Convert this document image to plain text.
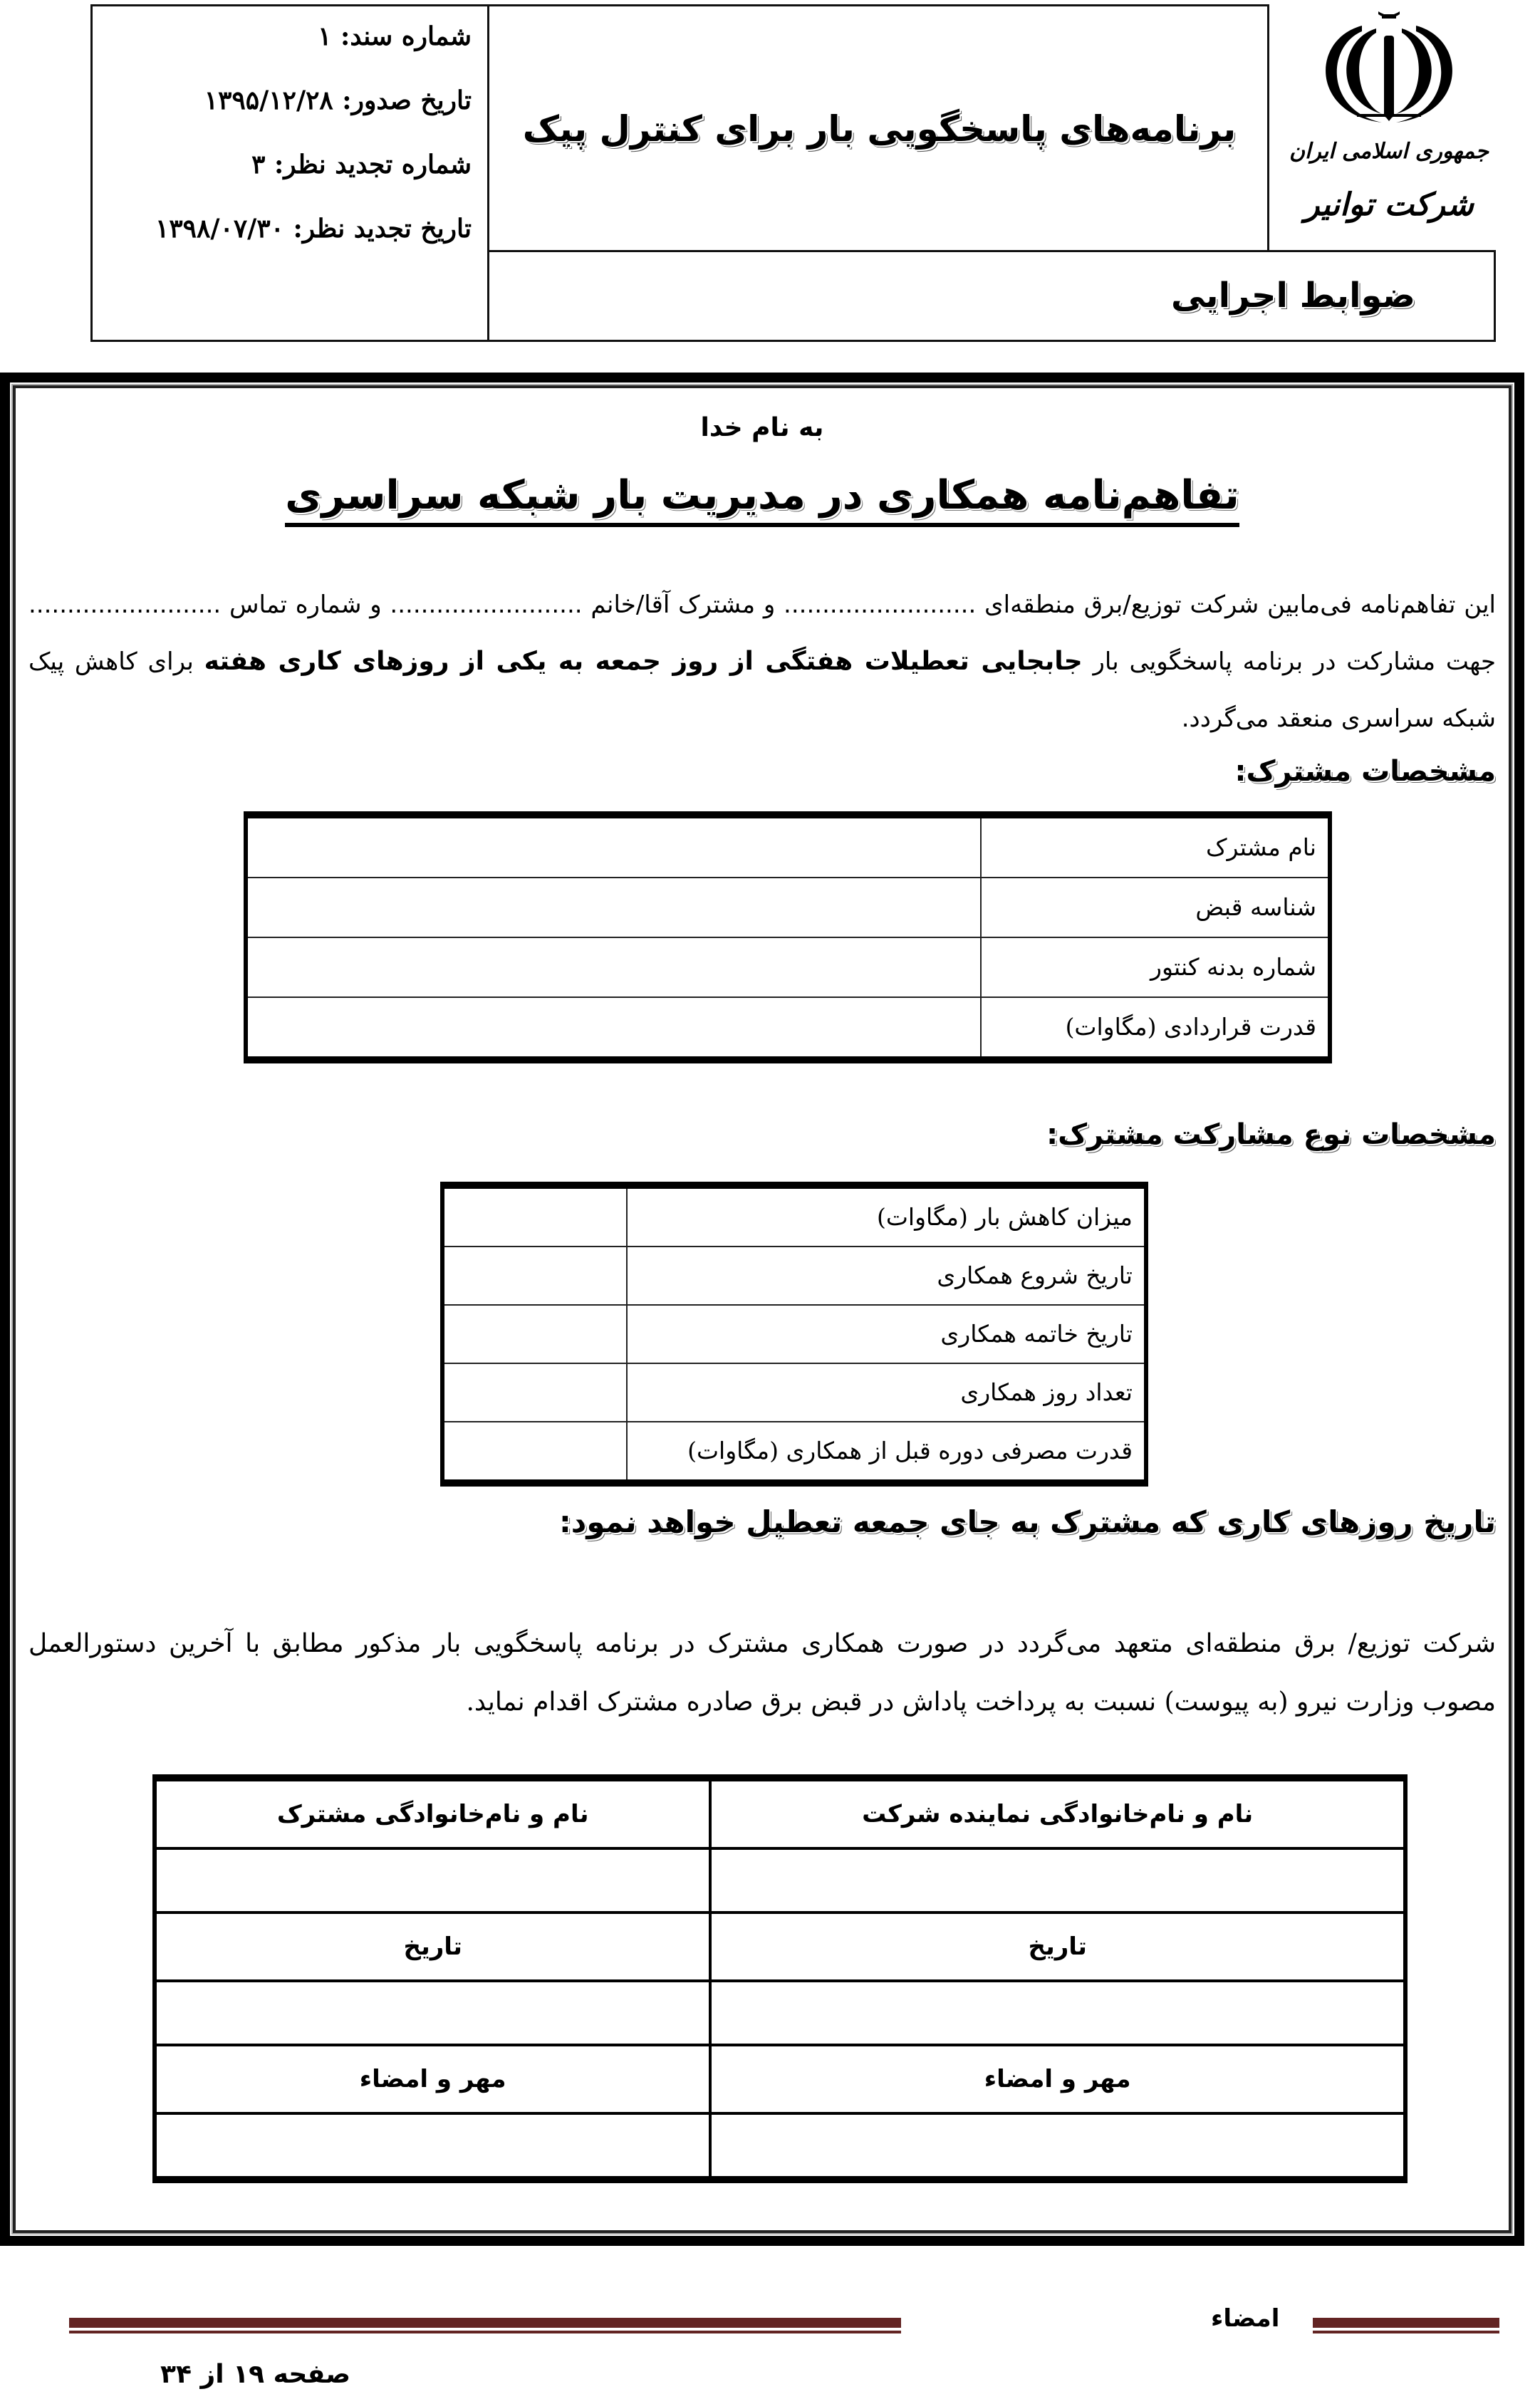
شماره سند: ۱
تاریخ صدور: ۱۳۹۵/۱۲/۲۸
شماره تجدید نظر: ۳
تاریخ تجدید نظر: ۱۳۹۸/۰۷/۳۰
برنامه‌های پاسخگویی بار برای کنترل پیک
ضوابط اجرایی
جمهوری اسلامی ایران
شرکت توانیر
به نام خدا
تفاهم‌نامه همکاری در مدیریت بار شبکه سراسری

این تفاهم‌نامه فی‌مابین شرکت توزیع/برق منطقه‌ای ......................... و مشترک آقا/خانم ......................... و شماره تماس ......................... جهت مشارکت در برنامه پاسخگویی بار جابجایی تعطیلات هفتگی از روز جمعه به یکی از روزهای کاری هفته برای کاهش پیک شبکه سراسری منعقد می‌گردد.

مشخصات مشترک:
نام مشترک	
شناسه قبض	
شماره بدنه کنتور	
قدرت قراردادی (مگاوات)	
مشخصات نوع مشارکت مشترک:
میزان کاهش بار (مگاوات)	
تاریخ شروع همکاری	
تاریخ خاتمه همکاری	
تعداد روز همکاری	
قدرت مصرفی دوره قبل از همکاری (مگاوات)	
تاریخ روزهای کاری که مشترک به جای جمعه تعطیل خواهد نمود:

شرکت توزیع/ برق منطقه‌ای متعهد می‌گردد در صورت همکاری مشترک در برنامه پاسخگویی بار مذکور مطابق با آخرین دستورالعمل مصوب وزارت نیرو (به پیوست) نسبت به پرداخت پاداش در قبض برق صادره مشترک اقدام نماید.

نام و نام‌خانوادگی نماینده شرکت	نام و نام‌خانوادگی مشترک

تاریخ	تاریخ

مهر و امضاء	مهر و امضاء

امضاء
صفحه ۱۹ از ۳۴
